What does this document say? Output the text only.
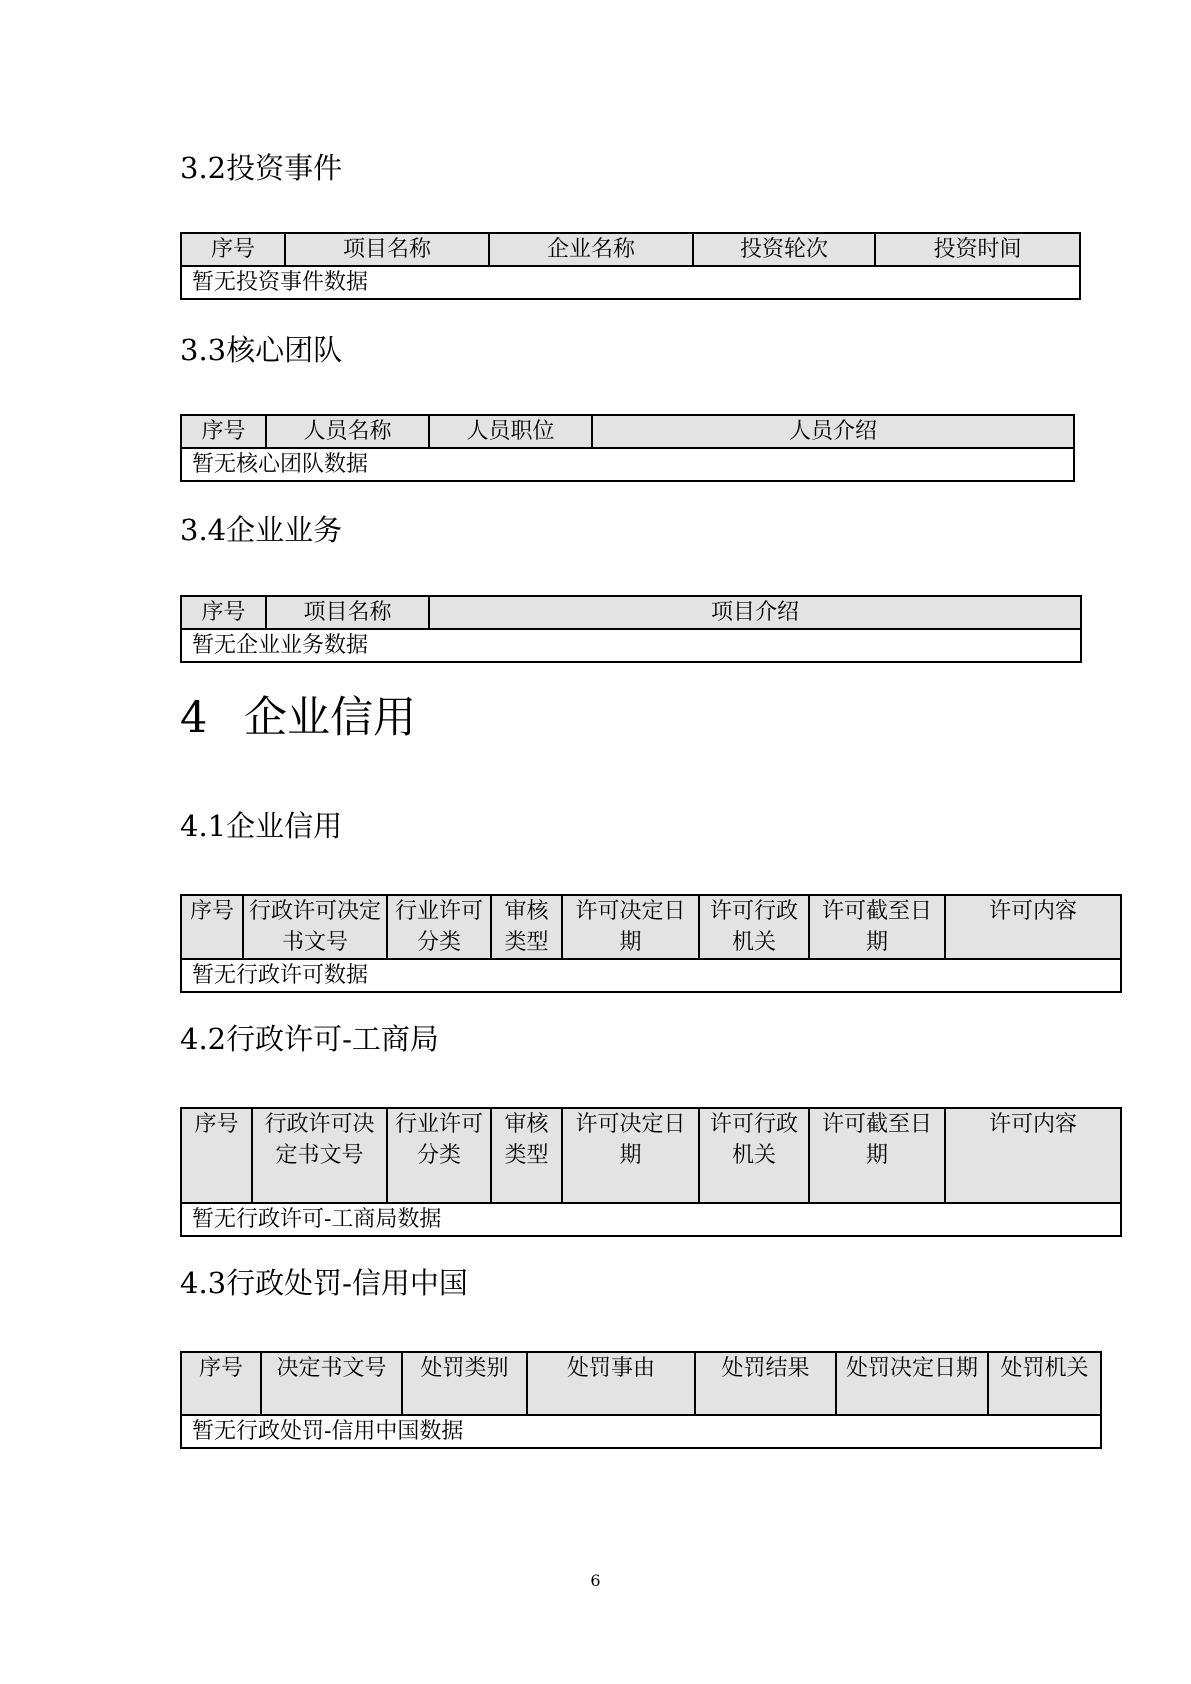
3.2投资事件
序号	项目名称	企业名称	投资轮次	投资时间
暂无投资事件数据
3.3核心团队
序号	人员名称	人员职位	人员介绍
暂无核心团队数据
3.4企业业务
序号	项目名称	项目介绍
暂无企业业务数据
4 企业信用
4.1企业信用
序号	行政许可决定书文号	行业许可分类	审核类型	许可决定日期	许可行政机关	许可截至日期	许可内容
暂无行政许可数据
4.2行政许可-工商局
序号	行政许可决定书文号	行业许可分类	审核类型	许可决定日期	许可行政机关	许可截至日期	许可内容
暂无行政许可-工商局数据
4.3行政处罚-信用中国
序号	决定书文号	处罚类别	处罚事由	处罚结果	处罚决定日期	处罚机关
暂无行政处罚-信用中国数据
6
